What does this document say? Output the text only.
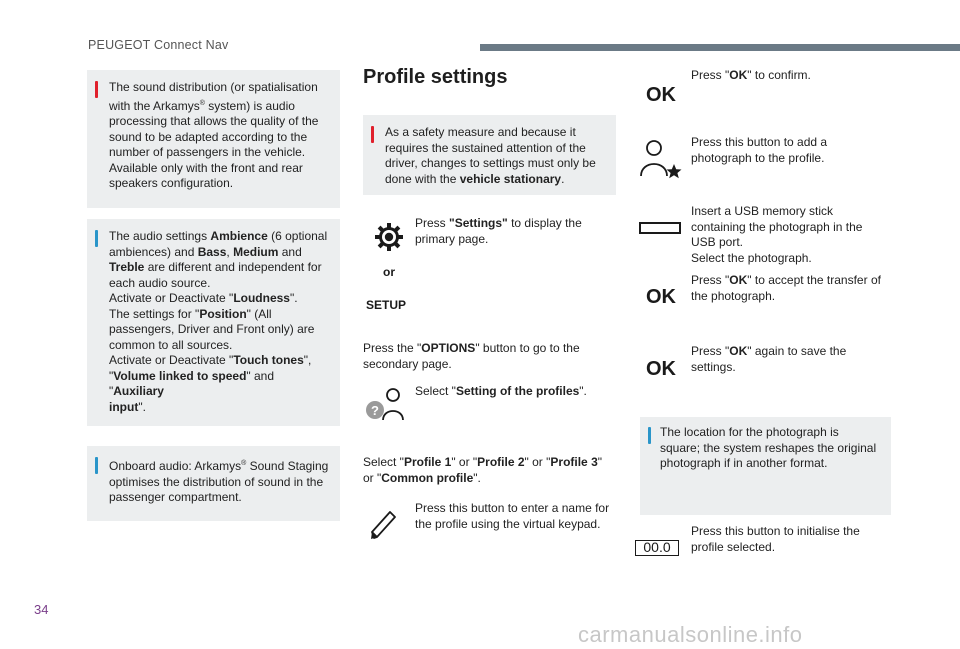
PEUGEOT Connect Nav

The sound distribution (or spatialisation

with the Arkamys® system) is audio

processing that allows the quality of the

sound to be adapted according to the

number of passengers in the vehicle.

Available only with the front and rear

speakers configuration.

The audio settings Ambience (6 optional

ambiences) and Bass, Medium and

Treble are different and independent for

each audio source.

Activate or Deactivate "Loudness".

The settings for "Position" (All

passengers, Driver and Front only) are

common to all sources.

Activate or Deactivate "Touch tones",

"Volume linked to speed" and "Auxiliary

input".

Onboard audio: Arkamys® Sound Staging

optimises the distribution of sound in the

passenger compartment.

Profile settings

As a safety measure and because it

requires the sustained attention of the

driver, changes to settings must only be

done with the vehicle stationary.

Press "Settings" to display the

primary page.

or
SETUP

Press the "OPTIONS" button to go to the

secondary page.

?

Select "Setting of the profiles".

Select "Profile 1" or "Profile 2" or "Profile 3"

or "Common profile".

Press this button to enter a name for

the profile using the virtual keypad.

OK

Press "OK" to confirm.

Press this button to add a

photograph to the profile.

Insert a USB memory stick

containing the photograph in the

USB port.

Select the photograph.

OK

Press "OK" to accept the transfer of

the photograph.

OK

Press "OK" again to save the

settings.

The location for the photograph is

square; the system reshapes the original

photograph if in another format.

00.0

Press this button to initialise the

profile selected.

34
carmanualsonline.info
